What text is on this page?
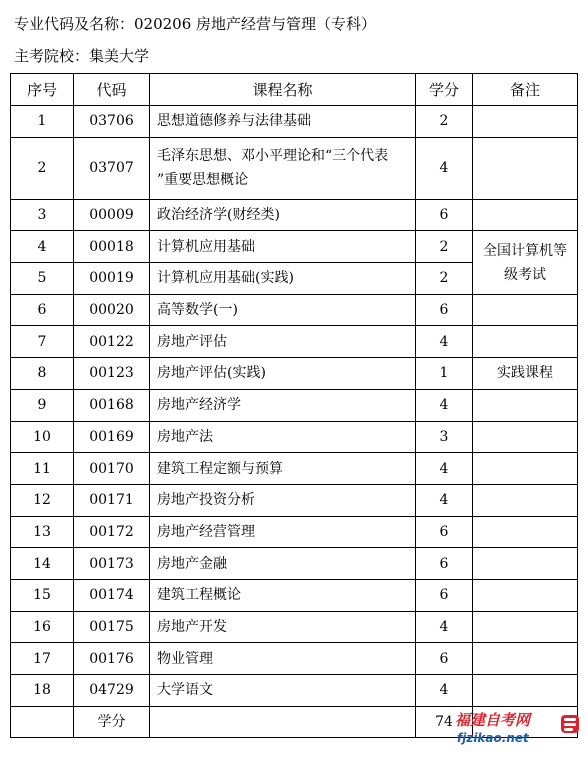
专业代码及名称：020206 房地产经营与管理（专科）
主考院校：集美大学
序号	代码	课程名称	学分	备注
1	03706	思想道德修养与法律基础	2	
2	03707	毛泽东思想、邓小平理论和“三个代表 ”重要思想概论	4	
3	00009	政治经济学(财经类)	6	
4	00018	计算机应用基础	2	全国计算机等级考试
5	00019	计算机应用基础(实践)	2	
6	00020	高等数学(一)	6	
7	00122	房地产评估	4	
8	00123	房地产评估(实践)	1	实践课程
9	00168	房地产经济学	4	
10	00169	房地产法	3	
11	00170	建筑工程定额与预算	4	
12	00171	房地产投资分析	4	
13	00172	房地产经营管理	6	
14	00173	房地产金融	6	
15	00174	建筑工程概论	6	
16	00175	房地产开发	4	
17	00176	物业管理	6	
18	04729	大学语文	4	
	学分		74	福建自考网
fjzikao.net
